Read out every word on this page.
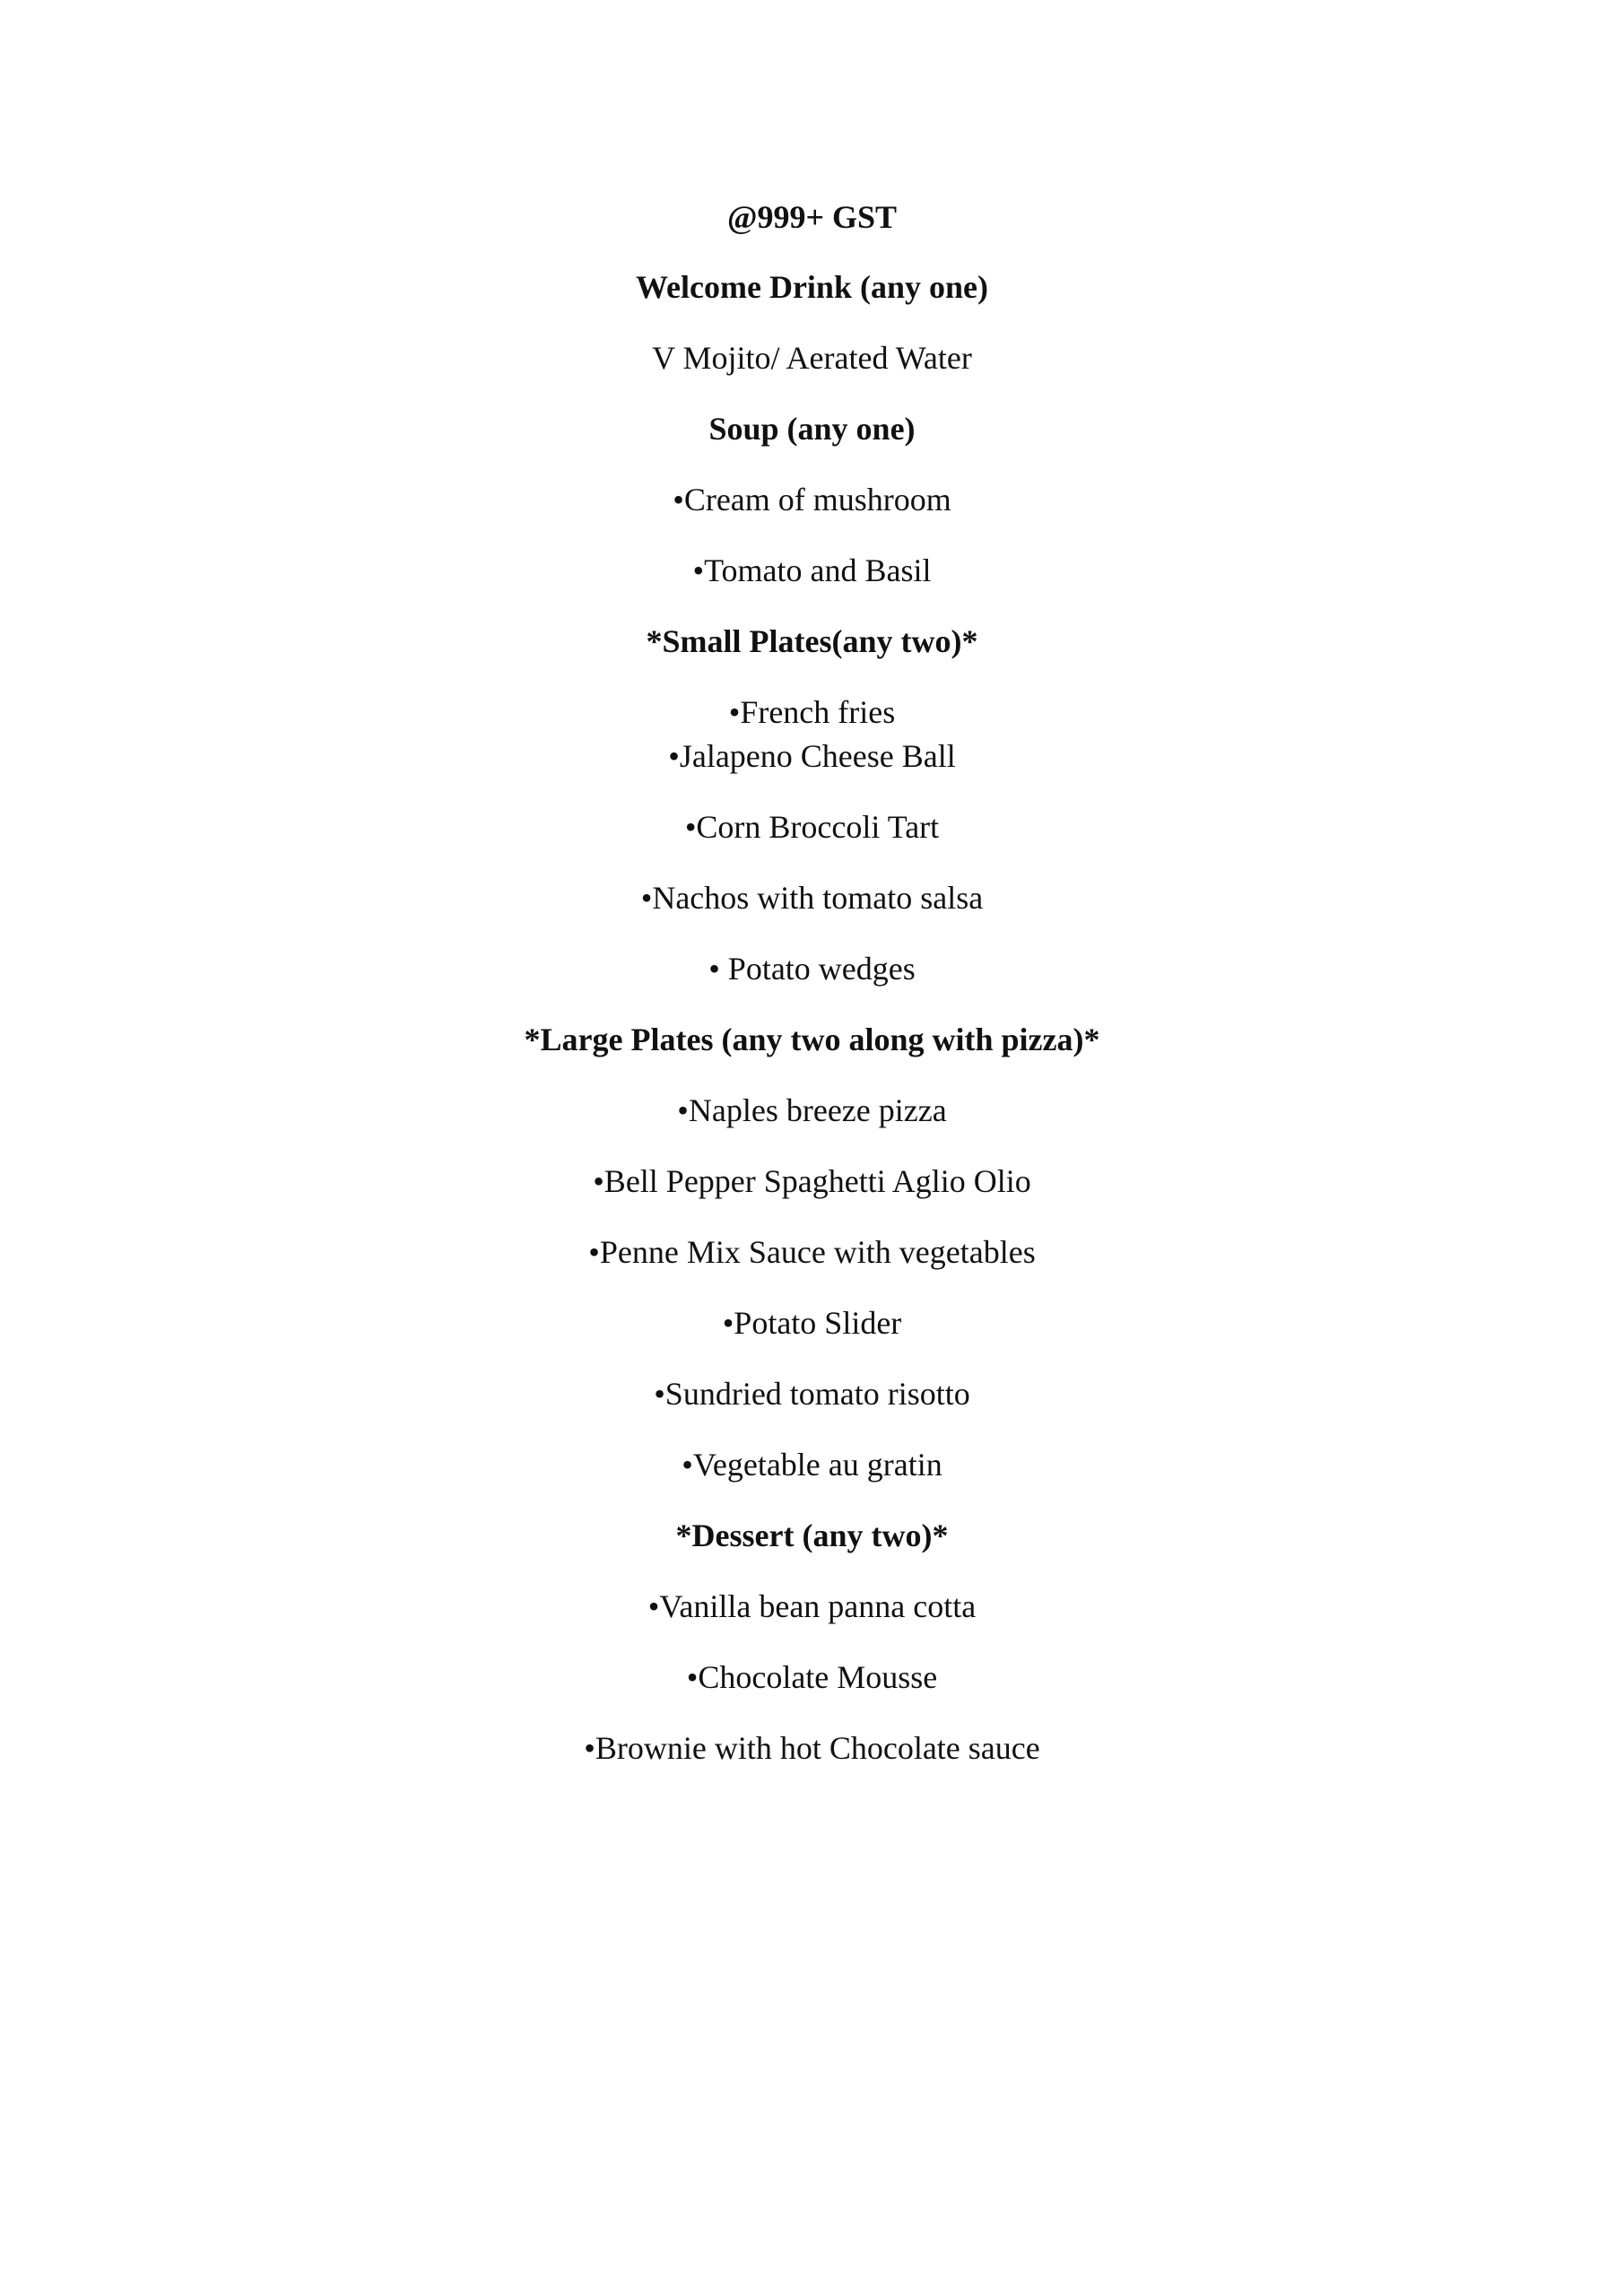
@999+ GST
Welcome Drink (any one)
V Mojito/ Aerated Water
Soup (any one)
•Cream of mushroom
•Tomato and Basil
*Small Plates(any two)*
•French fries
•Jalapeno Cheese Ball
•Corn Broccoli Tart
•Nachos with tomato salsa
• Potato wedges
*Large Plates (any two along with pizza)*
•Naples breeze pizza
•Bell Pepper Spaghetti Aglio Olio
•Penne Mix Sauce with vegetables
•Potato Slider
•Sundried tomato risotto
•Vegetable au gratin
*Dessert (any two)*
•Vanilla bean panna cotta
•Chocolate Mousse
•Brownie with hot Chocolate sauce
